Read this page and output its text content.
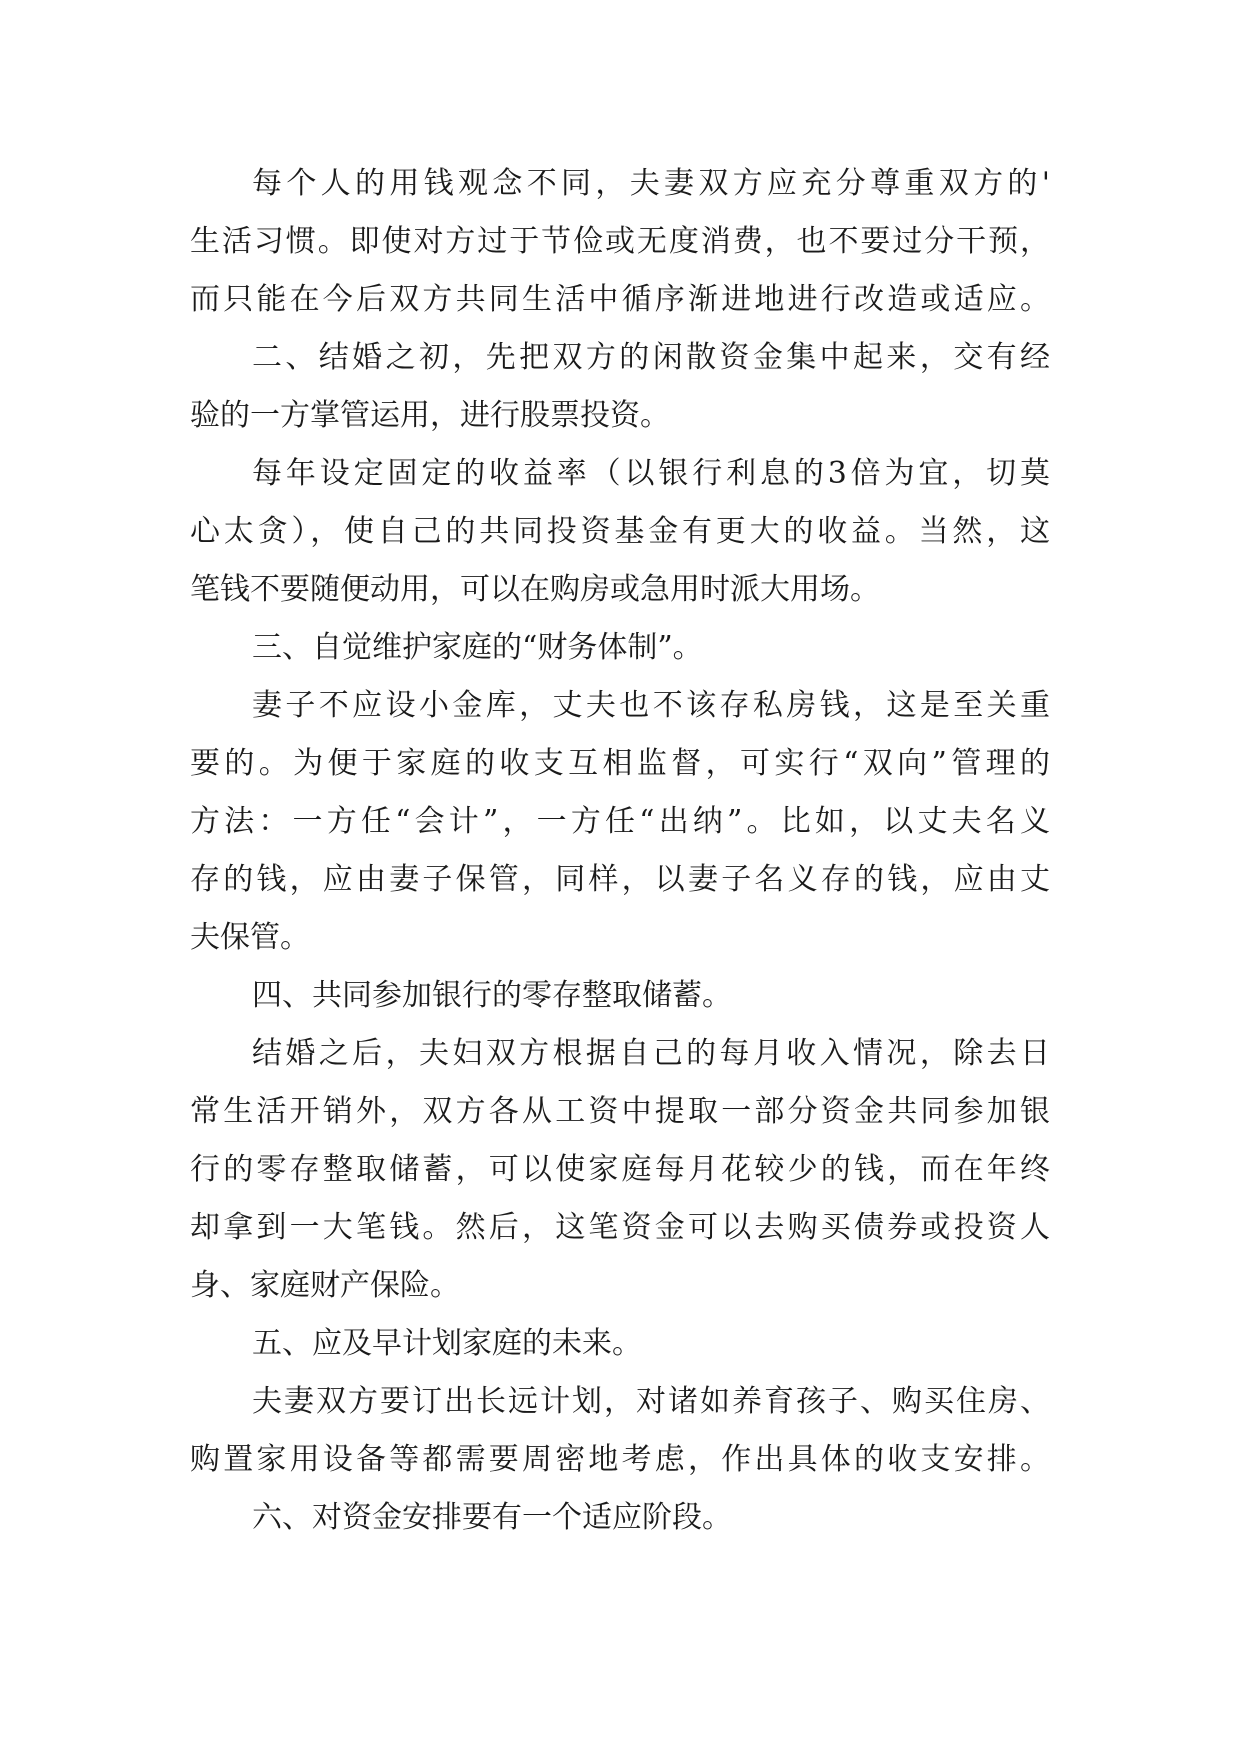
每个人的用钱观念不同，夫妻双方应充分尊重双方的'
生活习惯。即使对方过于节俭或无度消费，也不要过分干预，
而只能在今后双方共同生活中循序渐进地进行改造或适应。
二、结婚之初，先把双方的闲散资金集中起来，交有经
验的一方掌管运用，进行股票投资。
每年设定固定的收益率（以银行利息的3倍为宜，切莫
心太贪），使自己的共同投资基金有更大的收益。当然，这
笔钱不要随便动用，可以在购房或急用时派大用场。
三、自觉维护家庭的“财务体制”。
妻子不应设小金库，丈夫也不该存私房钱，这是至关重
要的。为便于家庭的收支互相监督，可实行“双向”管理的
方法：一方任“会计”，一方任“出纳”。比如，以丈夫名义
存的钱，应由妻子保管，同样，以妻子名义存的钱，应由丈
夫保管。
四、共同参加银行的零存整取储蓄。
结婚之后，夫妇双方根据自己的每月收入情况，除去日
常生活开销外，双方各从工资中提取一部分资金共同参加银
行的零存整取储蓄，可以使家庭每月花较少的钱，而在年终
却拿到一大笔钱。然后，这笔资金可以去购买债券或投资人
身、家庭财产保险。
五、应及早计划家庭的未来。
夫妻双方要订出长远计划，对诸如养育孩子、购买住房、
购置家用设备等都需要周密地考虑，作出具体的收支安排。
六、对资金安排要有一个适应阶段。
